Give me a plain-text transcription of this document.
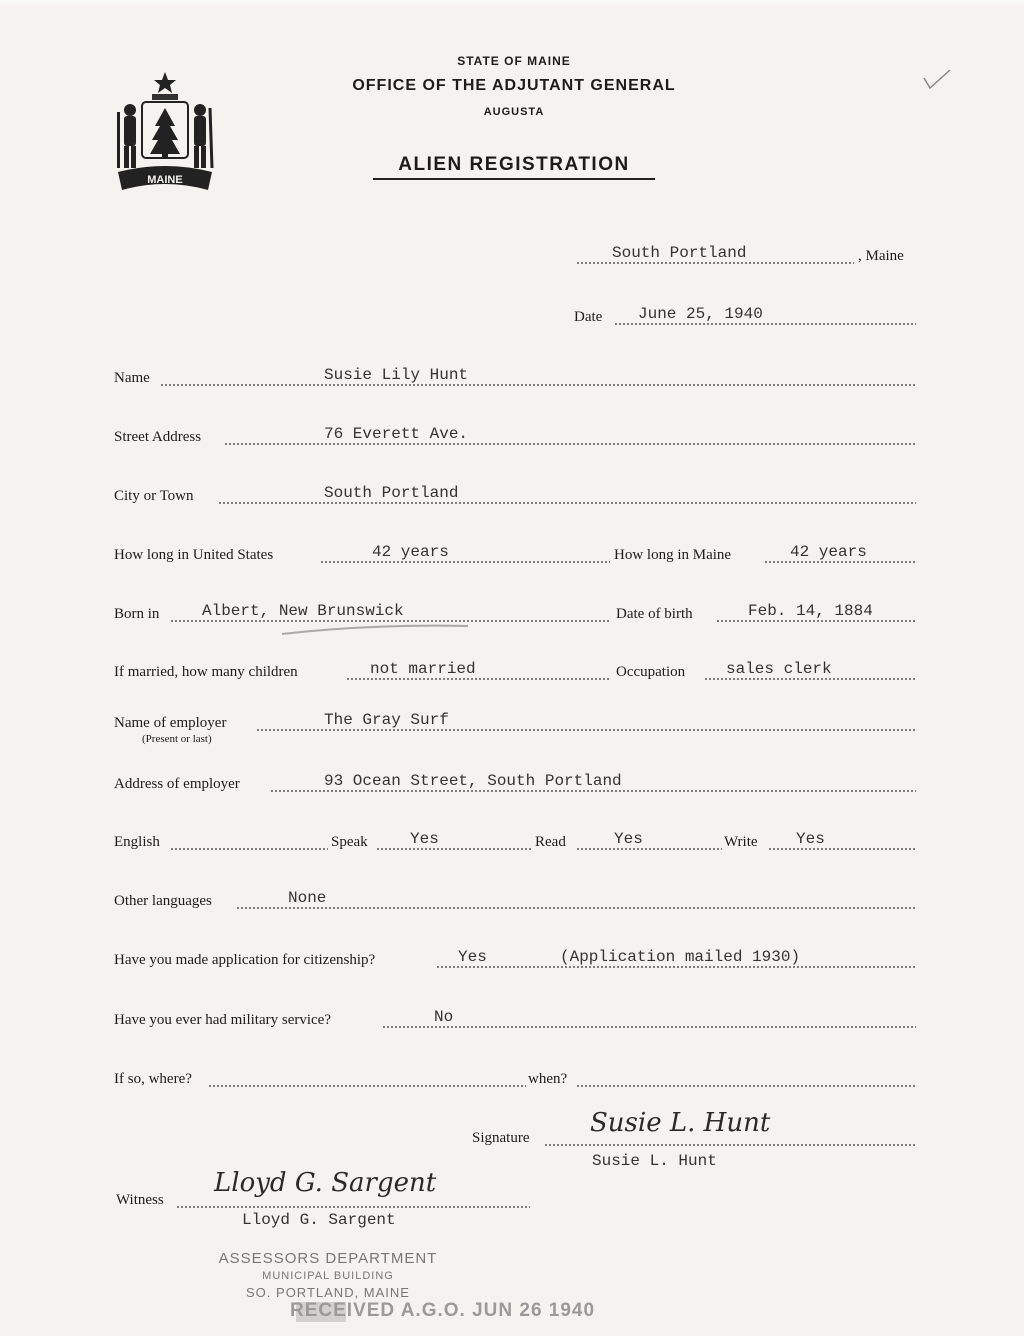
MAINE
STATE OF MAINE
OFFICE OF THE ADJUTANT GENERAL
AUGUSTA
ALIEN REGISTRATION
South Portland	, Maine
Date June 25, 1940
Name	Susie Lily Hunt
Street Address	76 Everett Ave.
City or Town	South Portland
How long in United States	42 years	How long in Maine	42 years
Born in	Albert, New Brunswick	Date of birth	Feb. 14, 1884
If married, how many children	not married	Occupation	sales clerk
Name of employer	The Gray Surf
(Present or last)
Address of employer	93 Ocean Street, South Portland
English	Speak	Yes	Read	Yes	Write Yes
Other languages	None
Have you made application for citizenship?	Yes	(Application mailed 1930)
Have you ever had military service?	No
If so, where?	when?
Signature Susie L. Hunt
Susie L. Hunt
Witness
Lloyd G. Sargent
Lloyd G. Sargent
ASSESSORS DEPARTMENT
MUNICIPAL BUILDING
SO. PORTLAND, MAINE
RECEIVED A.G.O. JUN 26 1940
